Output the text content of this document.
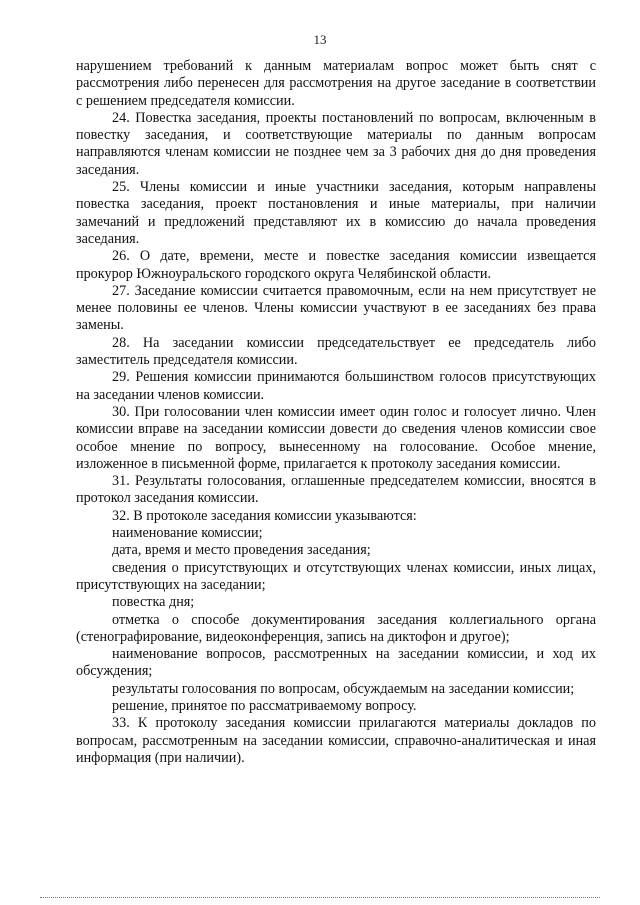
13

нарушением требований к данным материалам вопрос может быть снят с рассмотрения либо перенесен для рассмотрения на другое заседание в соответствии с решением председателя комиссии.

24. Повестка заседания, проекты постановлений по вопросам, включенным в повестку заседания, и соответствующие материалы по данным вопросам направляются членам комиссии не позднее чем за 3 рабочих дня до дня проведения заседания.

25. Члены комиссии и иные участники заседания, которым направлены повестка заседания, проект постановления и иные материалы, при наличии замечаний и предложений представляют их в комиссию до начала проведения заседания.

26. О дате, времени, месте и повестке заседания комиссии извещается прокурор Южноуральского городского округа Челябинской области.

27. Заседание комиссии считается правомочным, если на нем присутствует не менее половины ее членов. Члены комиссии участвуют в ее заседаниях без права замены.

28. На заседании комиссии председательствует ее председатель либо заместитель председателя комиссии.

29. Решения комиссии принимаются большинством голосов присутствующих на заседании членов комиссии.

30. При голосовании член комиссии имеет один голос и голосует лично. Член комиссии вправе на заседании комиссии довести до сведения членов комиссии свое особое мнение по вопросу, вынесенному на голосование. Особое мнение, изложенное в письменной форме, прилагается к протоколу заседания комиссии.

31. Результаты голосования, оглашенные председателем комиссии, вносятся в протокол заседания комиссии.

32. В протоколе заседания комиссии указываются:

наименование комиссии;

дата, время и место проведения заседания;

сведения о присутствующих и отсутствующих членах комиссии, иных лицах, присутствующих на заседании;

повестка дня;

отметка о способе документирования заседания коллегиального органа (стенографирование, видеоконференция, запись на диктофон и другое);

наименование вопросов, рассмотренных на заседании комиссии, и ход их обсуждения;

результаты голосования по вопросам, обсуждаемым на заседании комиссии;

решение, принятое по рассматриваемому вопросу.

33. К протоколу заседания комиссии прилагаются материалы докладов по вопросам, рассмотренным на заседании комиссии, справочно-аналитическая и иная информация (при наличии).
